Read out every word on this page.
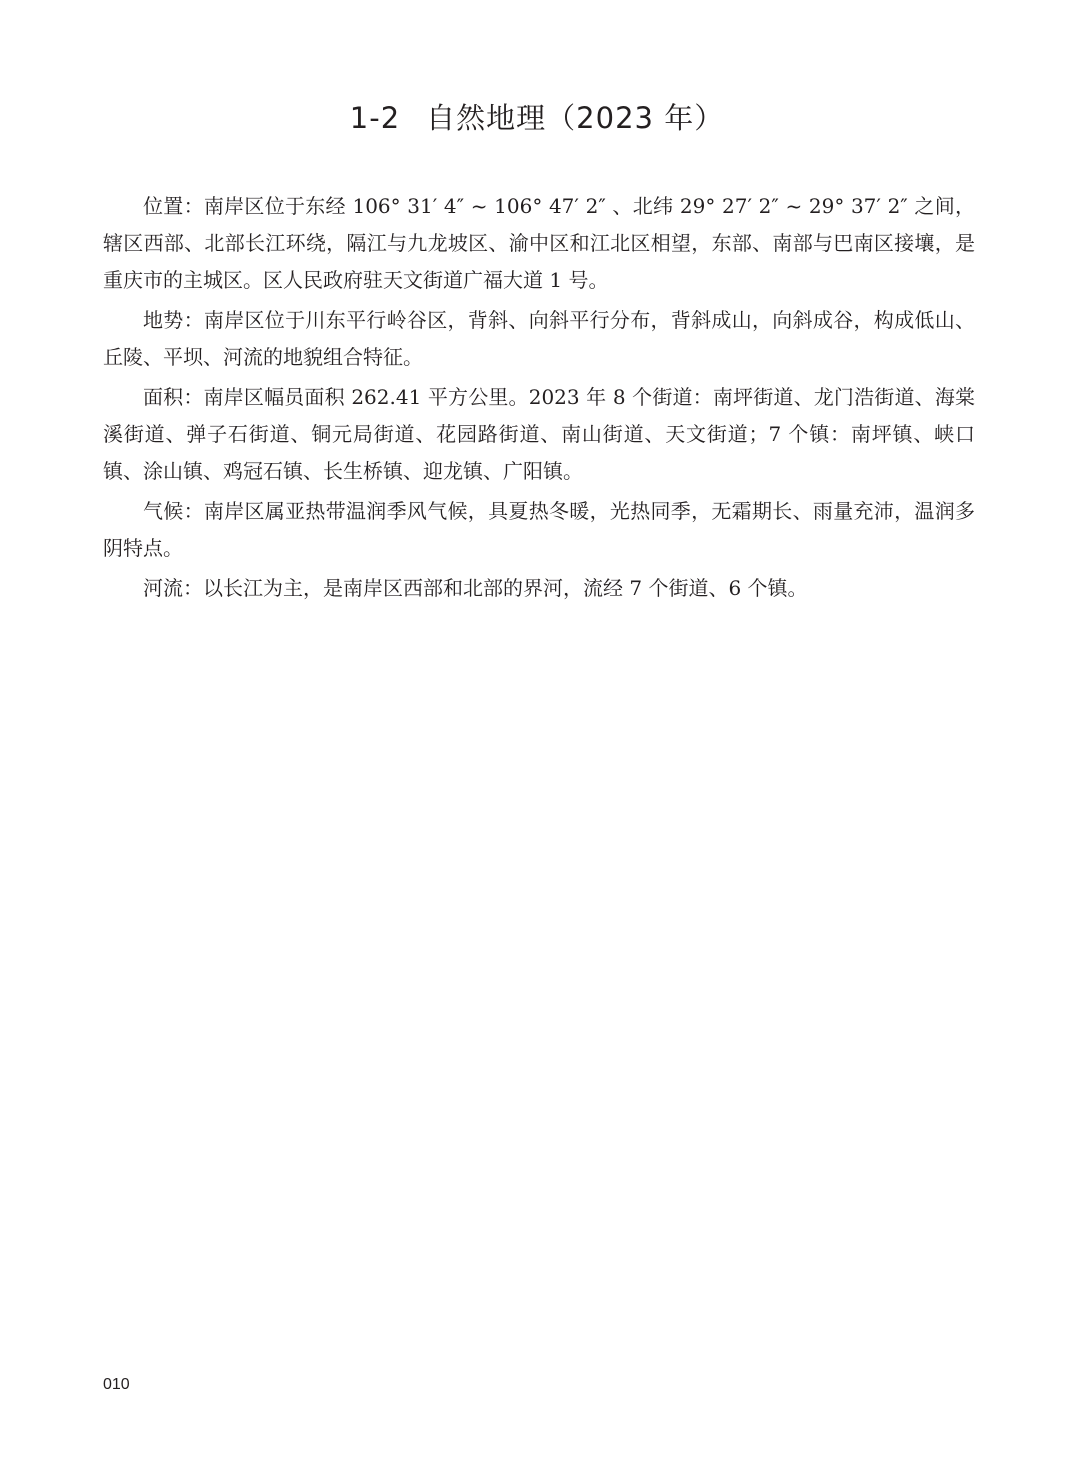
1-2 自然地理（2023 年）

位置：南岸区位于东经 106° 31′ 4″ ~ 106° 47′ 2″ 、北纬 29° 27′ 2″ ~ 29° 37′ 2″ 之间，辖区西部、北部长江环绕，隔江与九龙坡区、渝中区和江北区相望，东部、南部与巴南区接壤，是重庆市的主城区。区人民政府驻天文街道广福大道 1 号。

地势：南岸区位于川东平行岭谷区，背斜、向斜平行分布，背斜成山，向斜成谷，构成低山、丘陵、平坝、河流的地貌组合特征。

面积：南岸区幅员面积 262.41 平方公里。2023 年 8 个街道：南坪街道、龙门浩街道、海棠溪街道、弹子石街道、铜元局街道、花园路街道、南山街道、天文街道；7 个镇：南坪镇、峡口镇、涂山镇、鸡冠石镇、长生桥镇、迎龙镇、广阳镇。

气候：南岸区属亚热带温润季风气候，具夏热冬暖，光热同季，无霜期长、雨量充沛，温润多阴特点。

河流：以长江为主，是南岸区西部和北部的界河，流经 7 个街道、6 个镇。

010
